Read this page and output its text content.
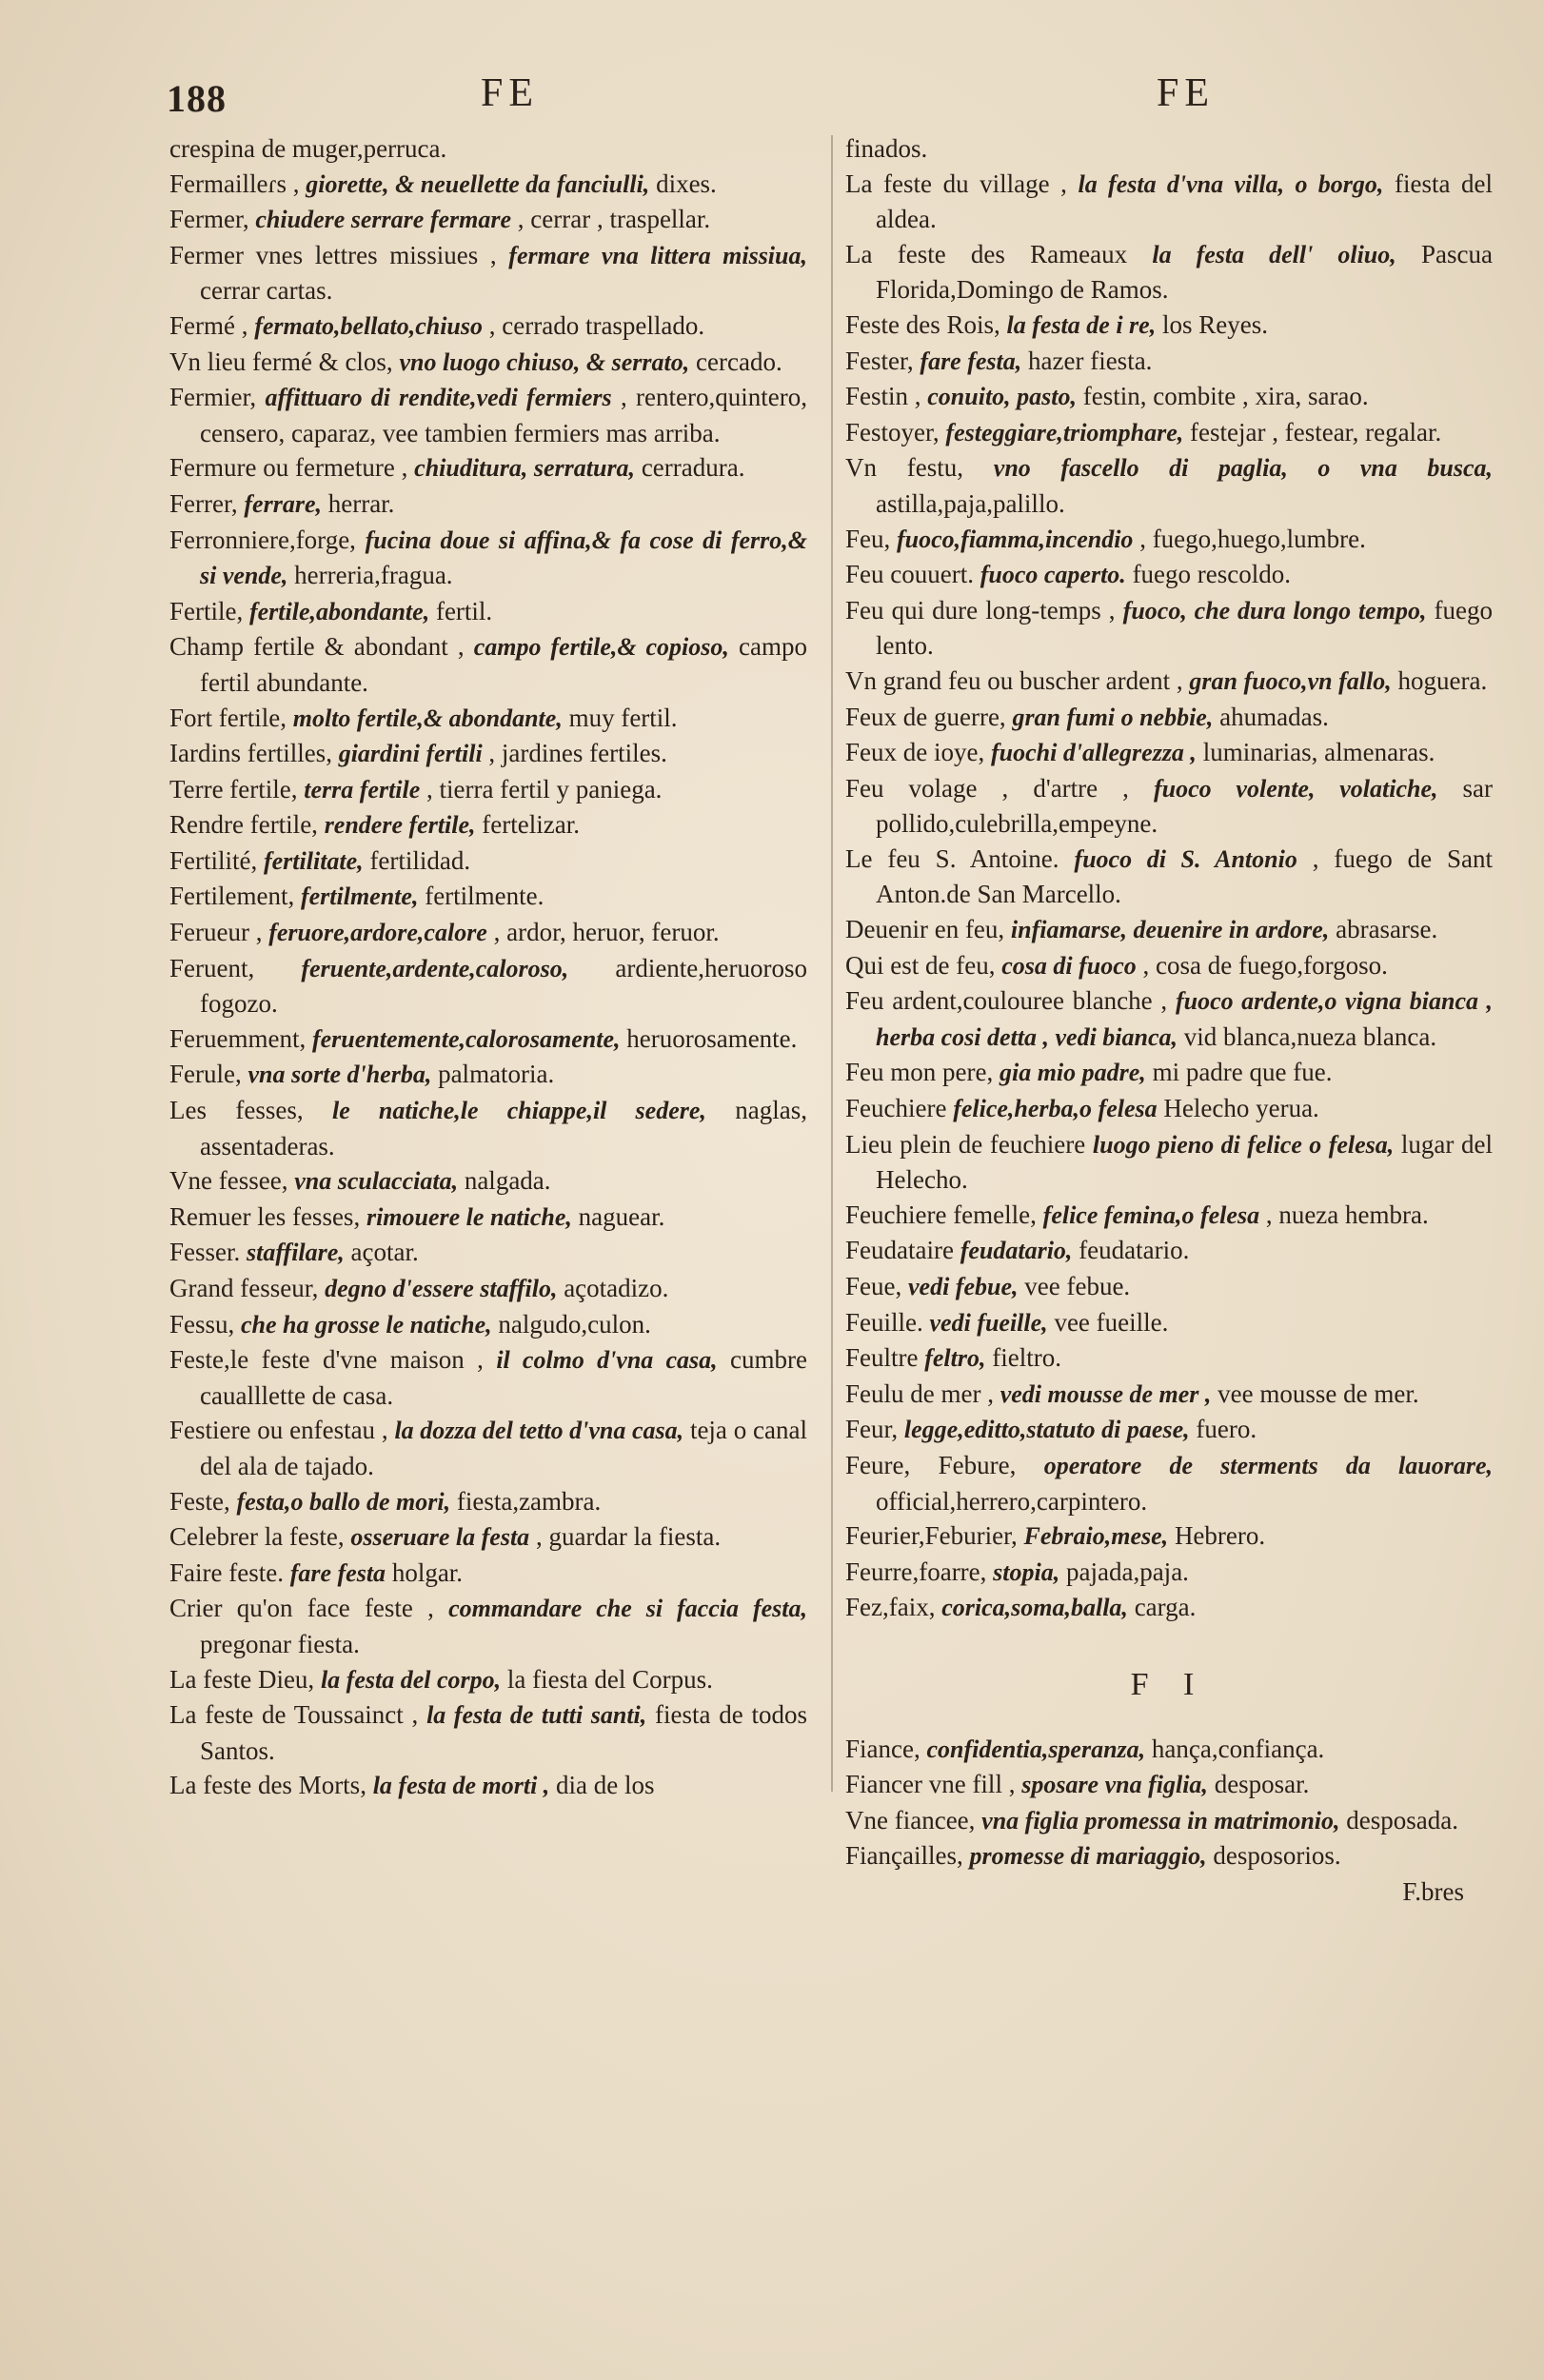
188	FE	FE

crespina de muger,perruca.

Fermailleɾs , giorette, & neuellette da fanciulli, dixes.

Fermer, chiudere serrare fermare , cerrar , traspellar.

Fermer vnes lettres missiues , fermare vna littera missiua, cerrar cartas.

Fermé , fermato,bellato,chiuso , cerrado traspellado.

Vn lieu fermé & clos, vno luogo chiuso, & serrato, cercado.

Fermier, affittuaro di rendite,vedi fermiers , rentero,quintero, censero, caparaz, vee tambien fermiers mas arriba.

Fermure ou fermeture , chiuditura, serratura, cerradura.

Ferrer, ferrare, herrar.

Ferronniere,forge, fucina doue si affina,& fa cose di ferro,& si vende, herreria,fragua.

Fertile, fertile,abondante, fertil.

Champ fertile & abondant , campo fertile,& copioso, campo fertil abundante.

Fort fertile, molto fertile,& abondante, muy fertil.

Iardins fertilles, giardini fertili , jardines fertiles.

Terre fertile, terra fertile , tierra fertil y paniega.

Rendre fertile, rendere fertile, fertelizar.

Fertilité, fertilitate, fertilidad.

Fertilement, fertilmente, fertilmente.

Ferueur , feruore,ardore,calore , ardor, heruor, feruor.

Feruent, feruente,ardente,caloroso, ardiente,heruoroso fogozo.

Feruemment, feruentemente,calorosamente, heruorosamente.

Ferule, vna sorte d'herba, palmatoria.

Les fesses, le natiche,le chiappe,il sedere, naglas, assentaderas.

Vne fessee, vna sculacciata, nalgada.

Remuer les fesses, rimouere le natiche, naguear.

Fesser. staffilare, açotar.

Grand fesseur, degno d'essere staffilo, açotadizo.

Fessu, che ha grosse le natiche, nalgudo,culon.

Feste,le feste d'vne maison , il colmo d'vna casa, cumbre caualllette de casa.

Festiere ou enfestau , la dozza del tetto d'vna casa, teja o canal del ala de tajado.

Feste, festa,o ballo de mori, fiesta,zambra.

Celebrer la feste, osseruare la festa , guardar la fiesta.

Faire feste. fare festa holgar.

Crier qu'on face feste , commandare che si faccia festa, pregonar fiesta.

La feste Dieu, la festa del corpo, la fiesta del Corpus.

La feste de Toussainct , la festa de tutti santi, fiesta de todos Santos.

La feste des Morts, la festa de morti , dia de los

finados.

La feste du village , la festa d'vna villa, o borgo, fiesta del aldea.

La feste des Rameaux la festa dell' oliuo, Pascua Florida,Domingo de Ramos.

Feste des Rois, la festa de i re, los Reyes.

Fester, fare festa, hazer fiesta.

Festin , conuito, pasto, festin, combite , xira, sarao.

Festoyer, festeggiare,triomphare, festejar , festear, regalar.

Vn festu, vno fascello di paglia, o vna busca, astilla,paja,palillo.

Feu, fuoco,fiamma,incendio , fuego,huego,lumbre.

Feu couuert. fuoco caperto. fuego rescoldo.

Feu qui dure long-temps , fuoco, che dura longo tempo, fuego lento.

Vn grand feu ou buscher ardent , gran fuoco,vn fallo, hoguera.

Feux de guerre, gran fumi o nebbie, ahumadas.

Feux de ioye, fuochi d'allegrezza , luminarias, almenaras.

Feu volage , d'artre , fuoco volente, volatiche, sar pollido,culebrilla,empeyne.

Le feu S. Antoine. fuoco di S. Antonio , fuego de Sant Anton.de San Marcello.

Deuenir en feu, infiamarse, deuenire in ardore, abrasarse.

Qui est de feu, cosa di fuoco , cosa de fuego,forgoso.

Feu ardent,coulouree blanche , fuoco ardente,o vigna bianca , herba cosi detta , vedi bianca, vid blanca,nueza blanca.

Feu mon pere, gia mio padre, mi padre que fue.

Feuchiere felice,herba,o felesa Helecho yerua.

Lieu plein de feuchiere luogo pieno di felice o felesa, lugar del Helecho.

Feuchiere femelle, felice femina,o felesa , nueza hembra.

Feudataire feudatario, feudatario.

Feue, vedi febue, vee febue.

Feuille. vedi fueille, vee fueille.

Feultre feltro, fieltro.

Feulu de mer , vedi mousse de mer , vee mousse de mer.

Feur, legge,editto,statuto di paese, fuero.

Feure, Febure, operatore de sterments da lauorare, official,herrero,carpintero.

Feurier,Feburier, Febraio,mese, Hebrero.

Feurre,foarre, stopia, pajada,paja.

Fez,faix, corica,soma,balla, carga.

F I

Fiance, confidentia,speranza, hança,confiança.

Fiancer vne fill , sposare vna figlia, desposar.

Vne fiancee, vna figlia promessa in matrimonio, desposada.

Fiançailles, promesse di mariaggio, desposorios.

F.bres
